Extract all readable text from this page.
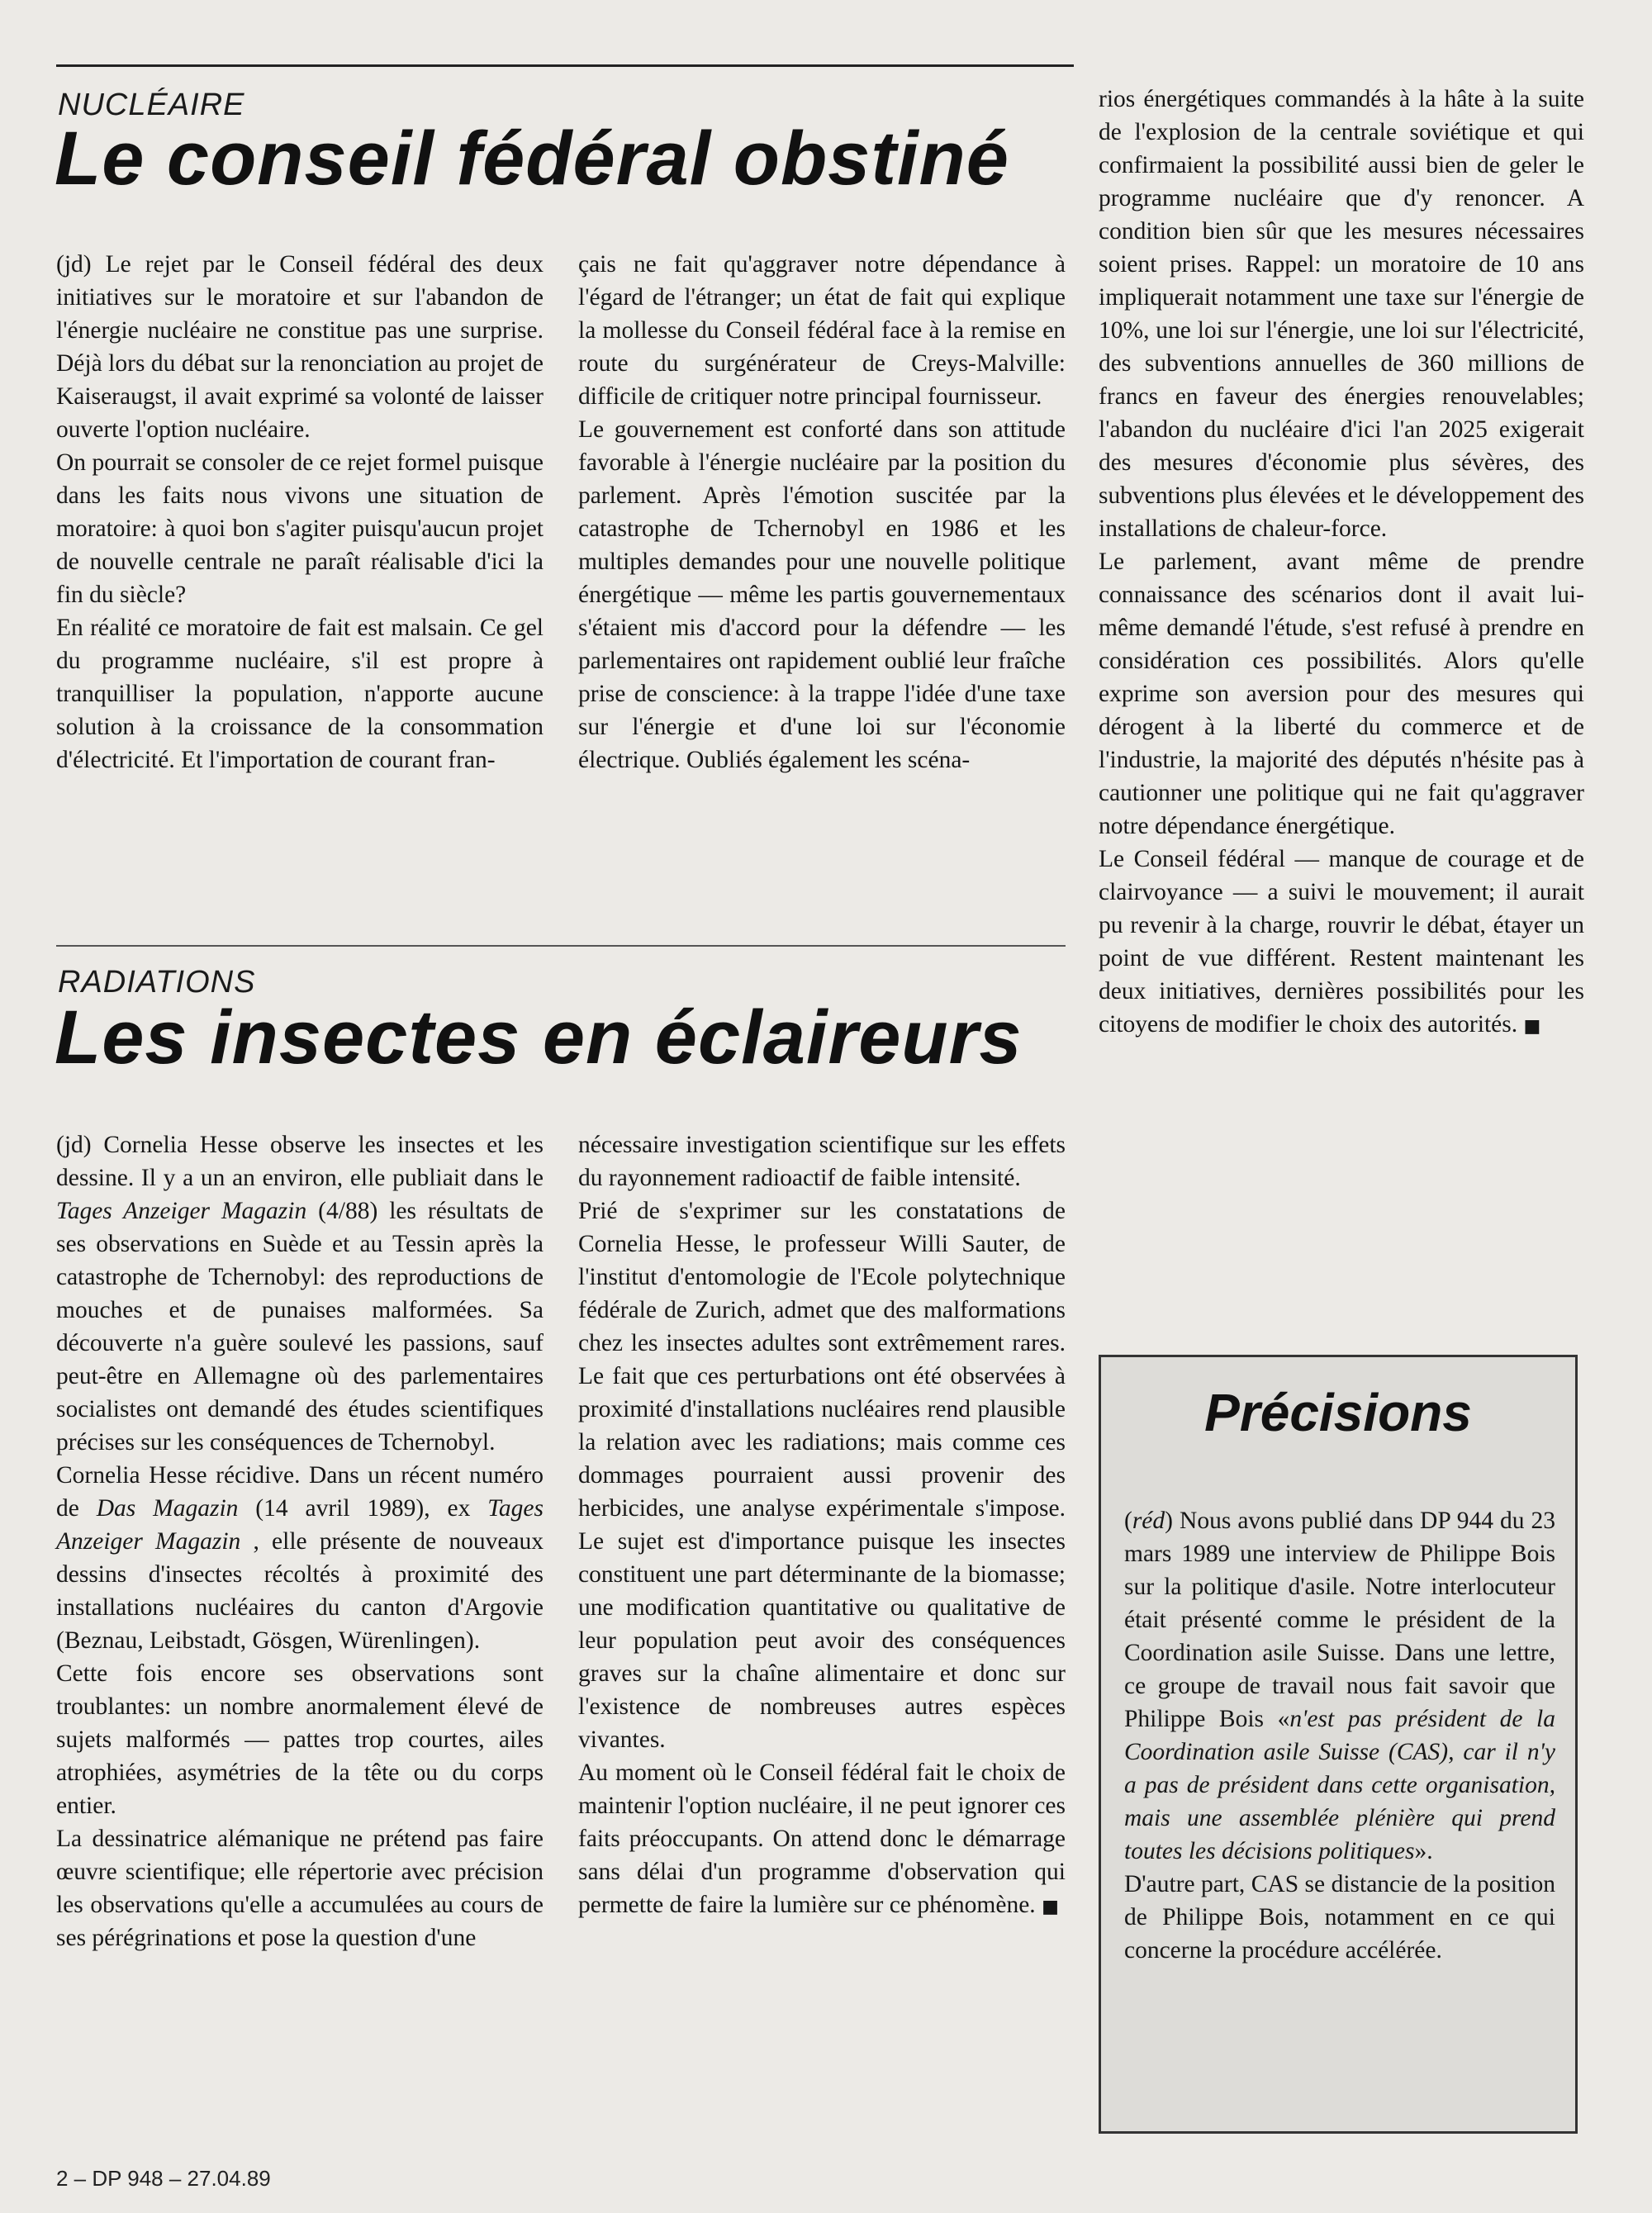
NUCLÉAIRE
Le conseil fédéral obstiné

(jd) Le rejet par le Conseil fédéral des deux initiatives sur le moratoire et sur l'abandon de l'énergie nucléaire ne constitue pas une surprise. Déjà lors du débat sur la renonciation au projet de Kaiseraugst, il avait exprimé sa volonté de laisser ouverte l'option nucléaire.

On pourrait se consoler de ce rejet formel puisque dans les faits nous vivons une situation de moratoire: à quoi bon s'agiter puisqu'aucun projet de nouvelle centrale ne paraît réalisable d'ici la fin du siècle?

En réalité ce moratoire de fait est malsain. Ce gel du programme nucléaire, s'il est propre à tranquilliser la population, n'apporte aucune solution à la croissance de la consommation d'électricité. Et l'importation de courant fran-

çais ne fait qu'aggraver notre dépendance à l'égard de l'étranger; un état de fait qui explique la mollesse du Conseil fédéral face à la remise en route du surgénérateur de Creys-Malville: difficile de critiquer notre principal fournisseur.

Le gouvernement est conforté dans son attitude favorable à l'énergie nucléaire par la position du parlement. Après l'émotion suscitée par la catastrophe de Tchernobyl en 1986 et les multiples demandes pour une nouvelle politique énergétique — même les partis gouvernementaux s'étaient mis d'accord pour la défendre — les parlementaires ont rapidement oublié leur fraîche prise de conscience: à la trappe l'idée d'une taxe sur l'énergie et d'une loi sur l'économie électrique. Oubliés également les scéna-

rios énergétiques commandés à la hâte à la suite de l'explosion de la centrale soviétique et qui confirmaient la possibilité aussi bien de geler le programme nucléaire que d'y renoncer. A condition bien sûr que les mesures nécessaires soient prises. Rappel: un moratoire de 10 ans impliquerait notamment une taxe sur l'énergie de 10%, une loi sur l'énergie, une loi sur l'électricité, des subventions annuelles de 360 millions de francs en faveur des énergies renouvelables; l'abandon du nucléaire d'ici l'an 2025 exigerait des mesures d'économie plus sévères, des subventions plus élevées et le développement des installations de chaleur-force.

Le parlement, avant même de prendre connaissance des scénarios dont il avait lui-même demandé l'étude, s'est refusé à prendre en considération ces possibilités. Alors qu'elle exprime son aversion pour des mesures qui dérogent à la liberté du commerce et de l'industrie, la majorité des députés n'hésite pas à cautionner une politique qui ne fait qu'aggraver notre dépendance énergétique.

Le Conseil fédéral — manque de courage et de clairvoyance — a suivi le mouvement; il aurait pu revenir à la charge, rouvrir le débat, étayer un point de vue différent. Restent maintenant les deux initiatives, dernières possibilités pour les citoyens de modifier le choix des autorités. ■

RADIATIONS
Les insectes en éclaireurs

(jd) Cornelia Hesse observe les insectes et les dessine. Il y a un an environ, elle publiait dans le Tages Anzeiger Magazin (4/88) les résultats de ses observations en Suède et au Tessin après la catastrophe de Tchernobyl: des reproductions de mouches et de punaises malformées. Sa découverte n'a guère soulevé les passions, sauf peut-être en Allemagne où des parlementaires socialistes ont demandé des études scientifiques précises sur les conséquences de Tchernobyl.

Cornelia Hesse récidive. Dans un récent numéro de Das Magazin (14 avril 1989), ex Tages Anzeiger Magazin , elle présente de nouveaux dessins d'insectes récoltés à proximité des installations nucléaires du canton d'Argovie (Beznau, Leibstadt, Gösgen, Würenlingen).

Cette fois encore ses observations sont troublantes: un nombre anormalement élevé de sujets malformés — pattes trop courtes, ailes atrophiées, asymétries de la tête ou du corps entier.

La dessinatrice alémanique ne prétend pas faire œuvre scientifique; elle répertorie avec précision les observations qu'elle a accumulées au cours de ses pérégrinations et pose la question d'une

nécessaire investigation scientifique sur les effets du rayonnement radioactif de faible intensité.

Prié de s'exprimer sur les constatations de Cornelia Hesse, le professeur Willi Sauter, de l'institut d'entomologie de l'Ecole polytechnique fédérale de Zurich, admet que des malformations chez les insectes adultes sont extrêmement rares. Le fait que ces perturbations ont été observées à proximité d'installations nucléaires rend plausible la relation avec les radiations; mais comme ces dommages pourraient aussi provenir des herbicides, une analyse expérimentale s'impose. Le sujet est d'importance puisque les insectes constituent une part déterminante de la biomasse; une modification quantitative ou qualitative de leur population peut avoir des conséquences graves sur la chaîne alimentaire et donc sur l'existence de nombreuses autres espèces vivantes.

Au moment où le Conseil fédéral fait le choix de maintenir l'option nucléaire, il ne peut ignorer ces faits préoccupants. On attend donc le démarrage sans délai d'un programme d'observation qui permette de faire la lumière sur ce phénomène. ■

Précisions

(réd) Nous avons publié dans DP 944 du 23 mars 1989 une interview de Philippe Bois sur la politique d'asile. Notre interlocuteur était présenté comme le président de la Coordination asile Suisse. Dans une lettre, ce groupe de travail nous fait savoir que Philippe Bois «n'est pas président de la Coordination asile Suisse (CAS), car il n'y a pas de président dans cette organisation, mais une assemblée plénière qui prend toutes les décisions politiques».

D'autre part, CAS se distancie de la position de Philippe Bois, notamment en ce qui concerne la procédure accélérée.

2 – DP 948 – 27.04.89
